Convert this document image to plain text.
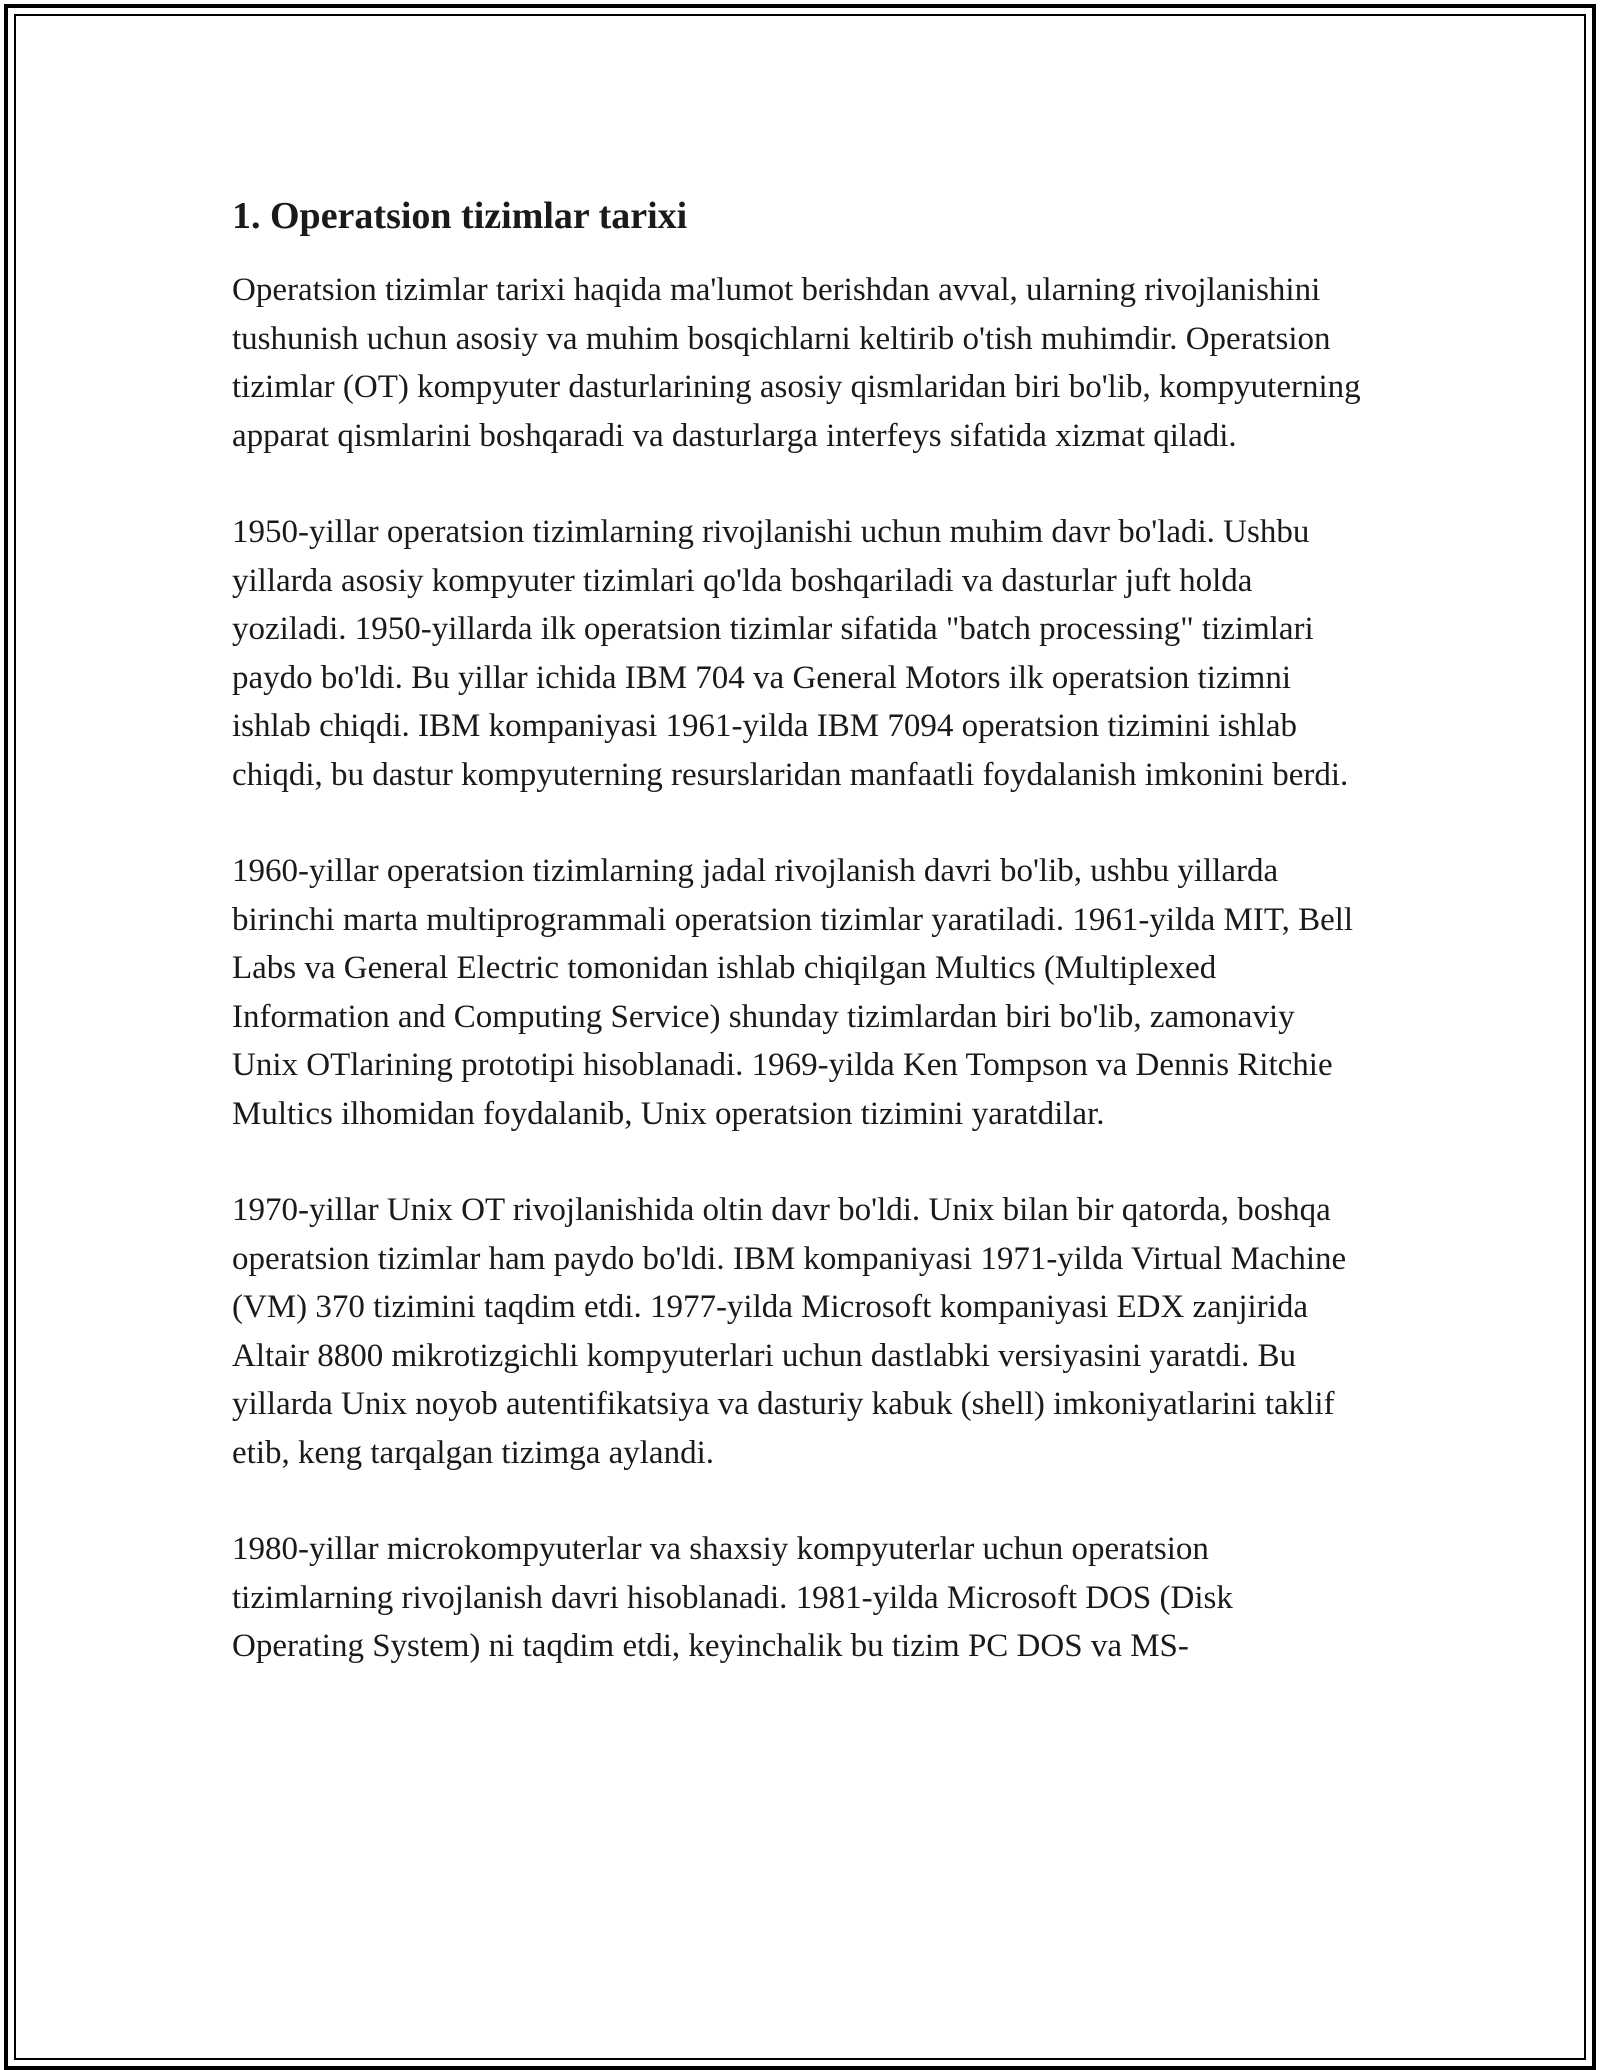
1. Operatsion tizimlar tarixi

Operatsion tizimlar tarixi haqida ma'lumot berishdan avval, ularning rivojlanishini tushunish uchun asosiy va muhim bosqichlarni keltirib o'tish muhimdir. Operatsion tizimlar (OT) kompyuter dasturlarining asosiy qismlaridan biri bo'lib, kompyuterning apparat qismlarini boshqaradi va dasturlarga interfeys sifatida xizmat qiladi.

1950-yillar operatsion tizimlarning rivojlanishi uchun muhim davr bo'ladi. Ushbu yillarda asosiy kompyuter tizimlari qo'lda boshqariladi va dasturlar juft holda yoziladi. 1950-yillarda ilk operatsion tizimlar sifatida "batch processing" tizimlari paydo bo'ldi. Bu yillar ichida IBM 704 va General Motors ilk operatsion tizimni ishlab chiqdi. IBM kompaniyasi 1961-yilda IBM 7094 operatsion tizimini ishlab chiqdi, bu dastur kompyuterning resurslaridan manfaatli foydalanish imkonini berdi.

1960-yillar operatsion tizimlarning jadal rivojlanish davri bo'lib, ushbu yillarda birinchi marta multiprogrammali operatsion tizimlar yaratiladi. 1961-yilda MIT, Bell Labs va General Electric tomonidan ishlab chiqilgan Multics (Multiplexed Information and Computing Service) shunday tizimlardan biri bo'lib, zamonaviy Unix OTlarining prototipi hisoblanadi. 1969-yilda Ken Tompson va Dennis Ritchie Multics ilhomidan foydalanib, Unix operatsion tizimini yaratdilar.

1970-yillar Unix OT rivojlanishida oltin davr bo'ldi. Unix bilan bir qatorda, boshqa operatsion tizimlar ham paydo bo'ldi. IBM kompaniyasi 1971-yilda Virtual Machine (VM) 370 tizimini taqdim etdi. 1977-yilda Microsoft kompaniyasi EDX zanjirida Altair 8800 mikrotizgichli kompyuterlari uchun dastlabki versiyasini yaratdi. Bu yillarda Unix noyob autentifikatsiya va dasturiy kabuk (shell) imkoniyatlarini taklif etib, keng tarqalgan tizimga aylandi.

1980-yillar microkompyuterlar va shaxsiy kompyuterlar uchun operatsion tizimlarning rivojlanish davri hisoblanadi. 1981-yilda Microsoft DOS (Disk Operating System) ni taqdim etdi, keyinchalik bu tizim PC DOS va MS-
